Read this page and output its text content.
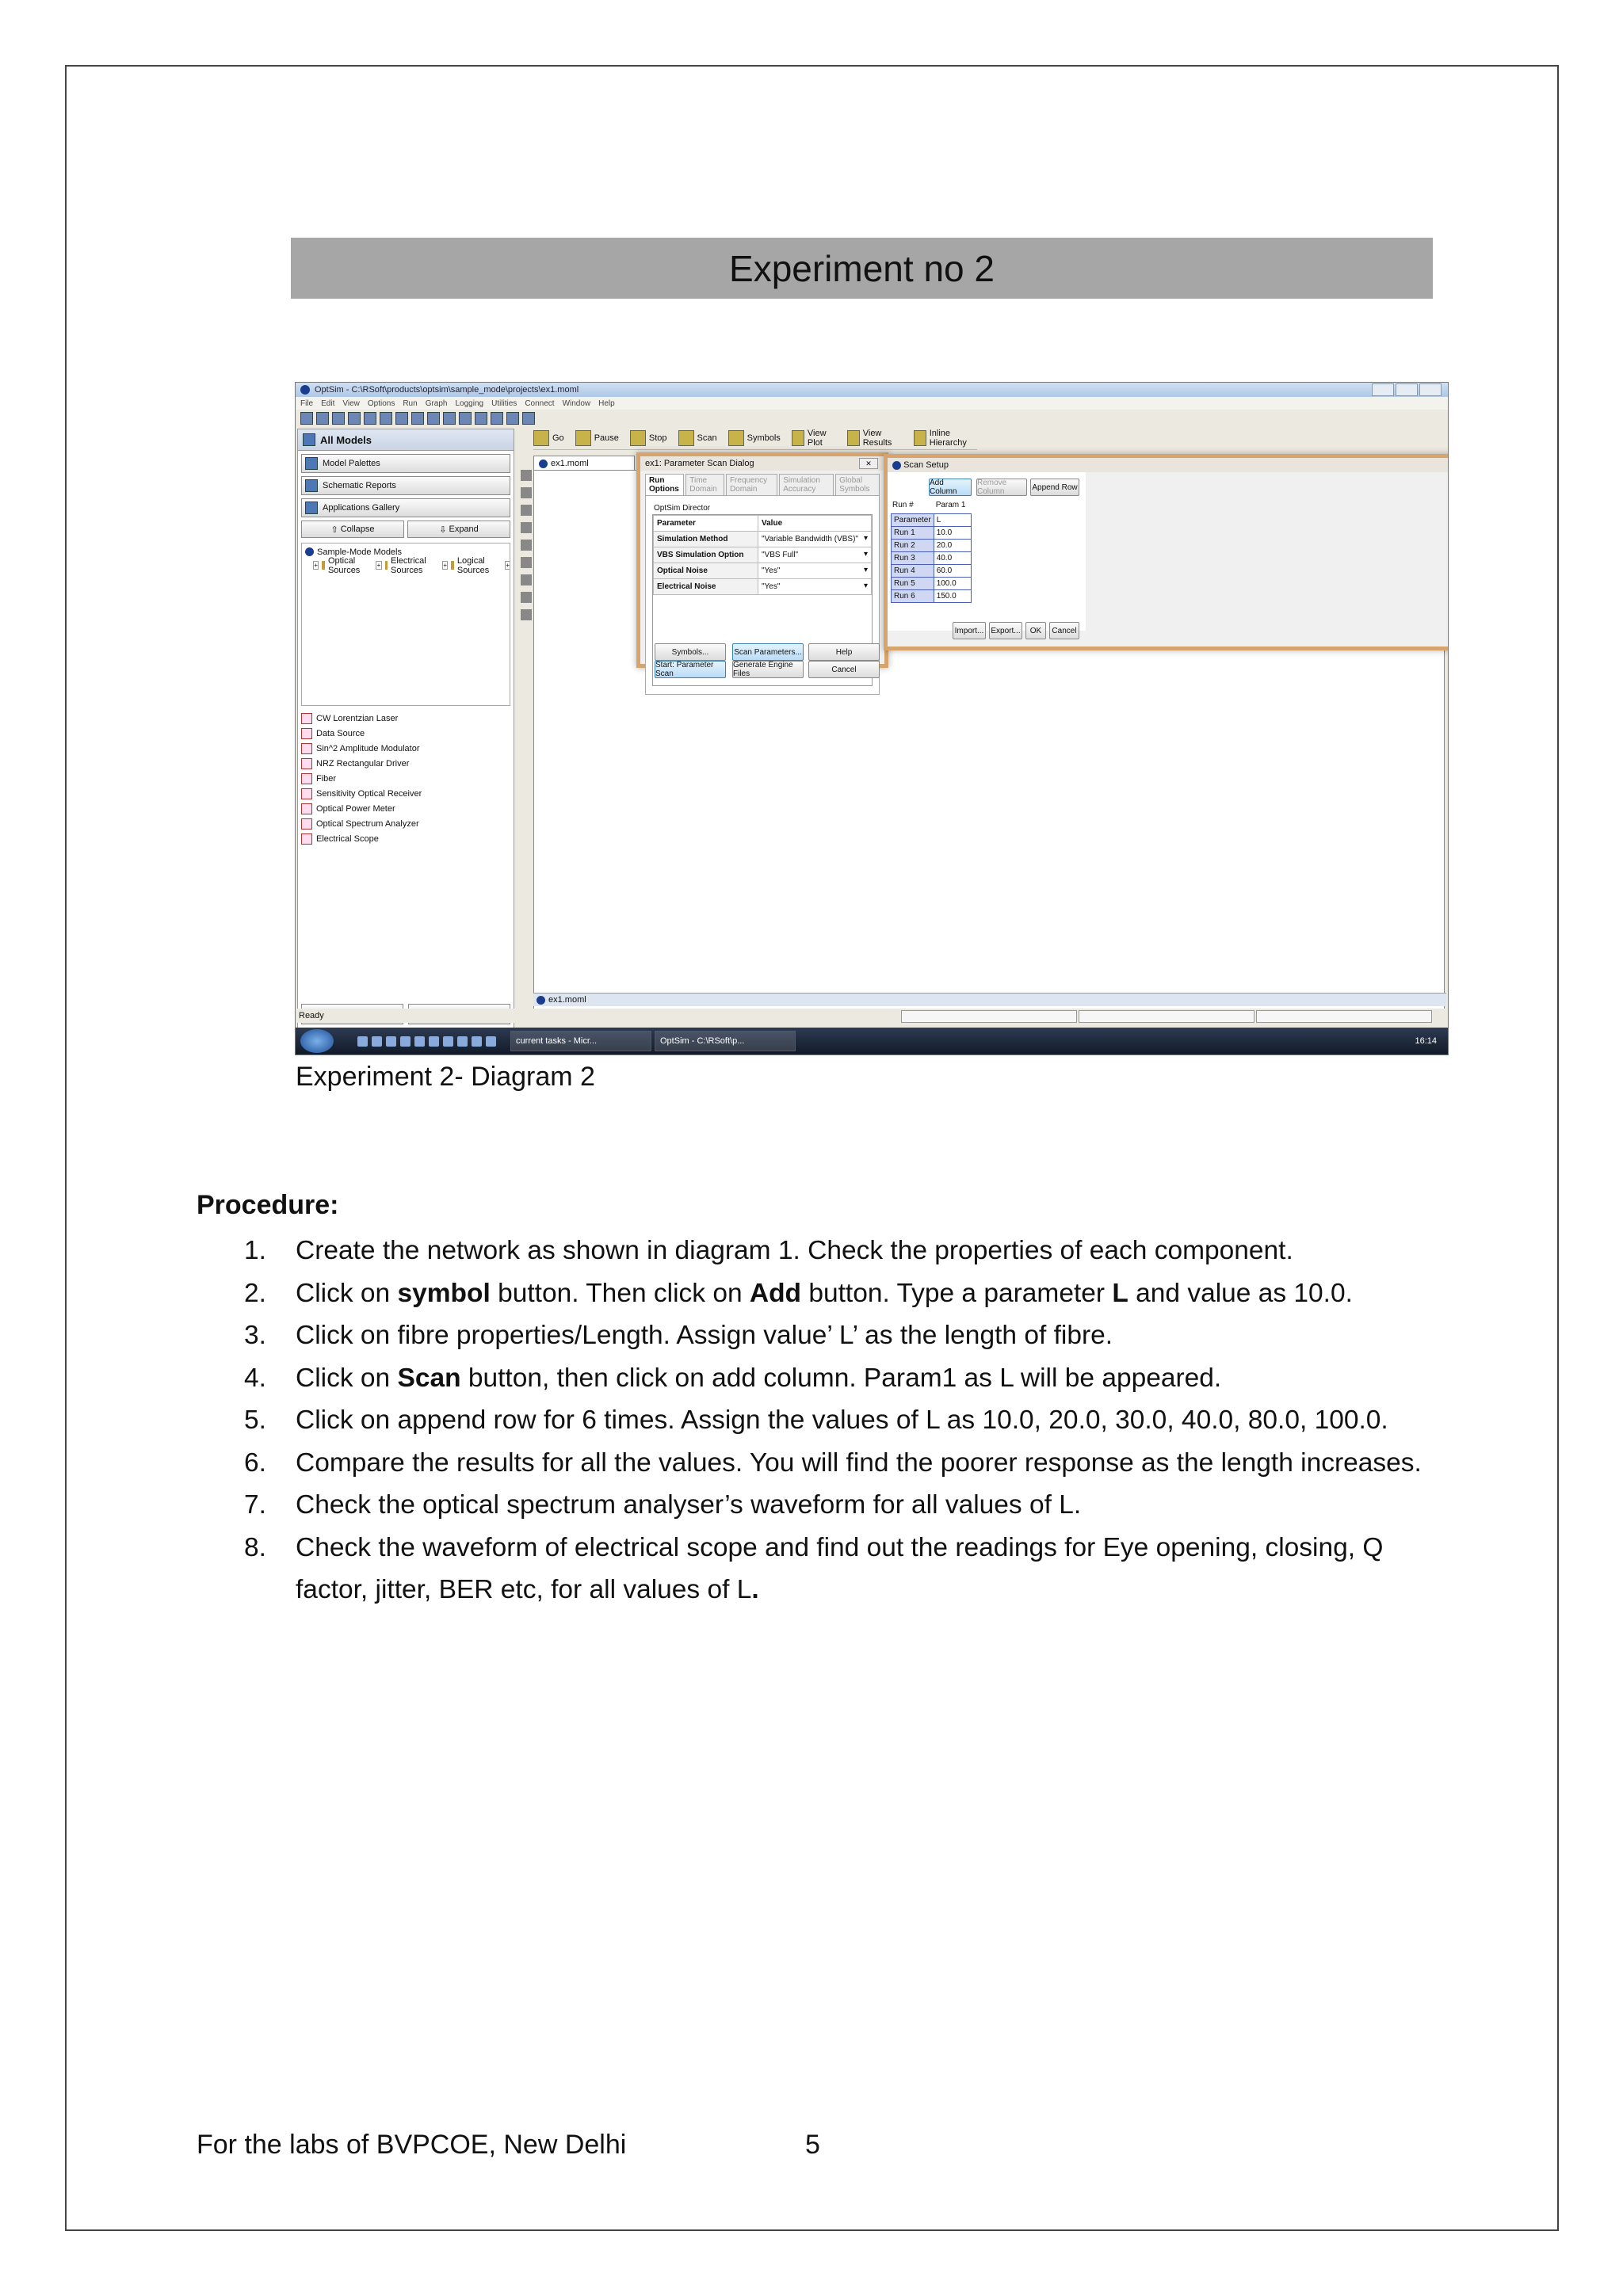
Experiment no 2
OptSim - C:\RSoft\products\optsim\sample_mode\projects\ex1.moml
File Edit View Options Run Graph Logging Utilities Connect Window Help
All Models
Model Palettes
Schematic Reports
Applications Gallery
⇧ Collapse	⇩ Expand
Sample-Mode Models
+ Optical Sources	+ Electrical Sources	+ Logical Sources	+
CW Lorentzian Laser
Data Source
Sin^2 Amplitude Modulator
NRZ Rectangular Driver
Fiber
Sensitivity Optical Receiver
Optical Power Meter
Optical Spectrum Analyzer
Electrical Scope
Go	Pause	Stop	Scan	Symbols	View Plot
View Results
Inline Hierarchy
ex1.moml
ex1.moml
Ready
ex1: Parameter Scan Dialog	✕
Run Options
Time Domain
Frequency Domain
Simulation Accuracy
Global Symbols
OptSim Director
Parameter	Value
Simulation Method	"Variable Bandwidth (VBS)" ▾
VBS Simulation Option	"VBS Full" ▾
Optical Noise	"Yes" ▾
Electrical Noise	"Yes" ▾
Symbols...	Scan Parameters...	Help
Start: Parameter Scan
Generate Engine Files	Cancel

Scan Setup
Add Column
Remove Column	Append Row
Run #	Param 1
Parameter	L
Run 1	10.0
Run 2	20.0
Run 3	40.0
Run 4	60.0
Run 5	100.0
Run 6	150.0
Import... Export...	OK	Cancel
current tasks - Micr...	OptSim - C:\RSoft\p...	16:14
Experiment 2- Diagram 2
Procedure:
1.	Create the network as shown in diagram 1. Check the properties of each component.
2.	Click on symbol button. Then click on Add button. Type a parameter L and value as 10.0.
3.	Click on fibre properties/Length. Assign value’ L’ as the length of fibre.
4.	Click on Scan button, then click on add column. Param1 as L will be appeared.
5.	Click on append row for 6 times. Assign the values of L as 10.0, 20.0, 30.0, 40.0, 80.0, 100.0.
6.	Compare the results for all the values. You will find the poorer response as the length increases.
7.	Check the optical spectrum analyser’s waveform for all values of L.
8.	Check the waveform of electrical scope and find out the readings for Eye opening, closing, Q factor, jitter, BER etc, for all values of L.
For the labs of BVPCOE, New Delhi	5
